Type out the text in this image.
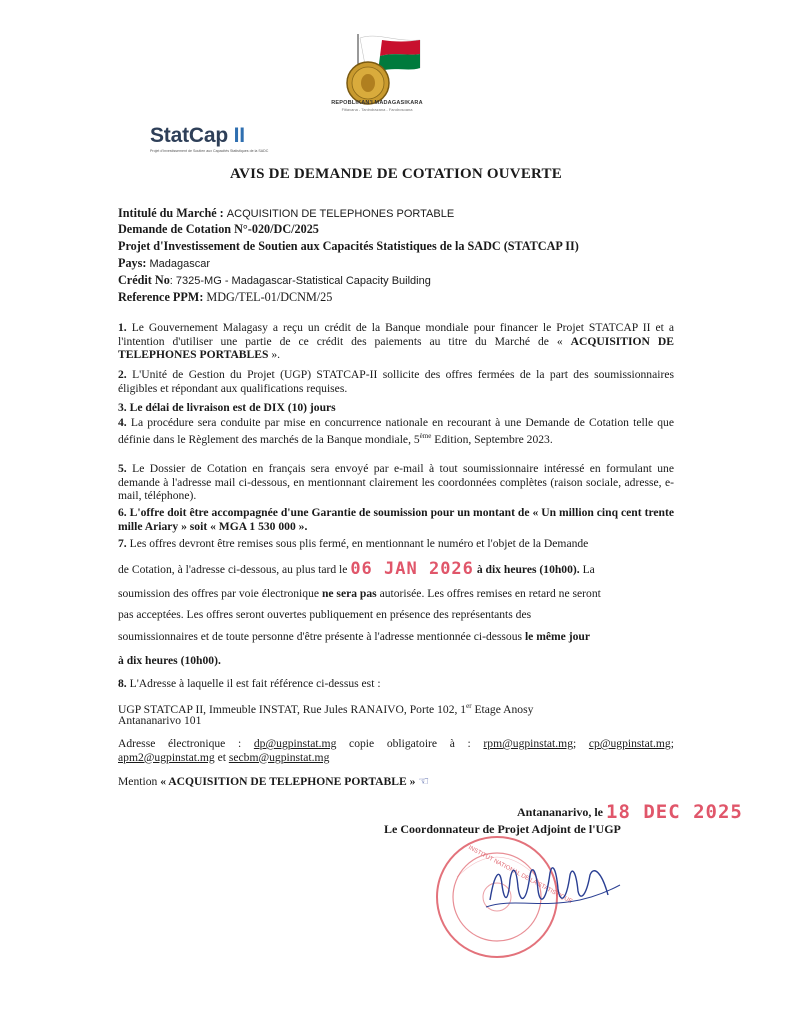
REPOBLIKAN'I MADAGASIKARA
Fitiavana - Tanindrazana - Fandrosoana
StatCap II
Projet d'Investissement de Soutien aux Capacités Statistiques de la SADC
AVIS DE DEMANDE DE COTATION OUVERTE
Intitulé du Marché : ACQUISITION DE TELEPHONES PORTABLE
Demande de Cotation N°-020/DC/2025
Projet d'Investissement de Soutien aux Capacités Statistiques de la SADC (STATCAP II)
Pays: Madagascar
Crédit No: 7325-MG - Madagascar-Statistical Capacity Building
Reference PPM: MDG/TEL-01/DCNM/25
1. Le Gouvernement Malagasy a reçu un crédit de la Banque mondiale pour financer le Projet STATCAP II et a l'intention d'utiliser une partie de ce crédit des paiements au titre du Marché de « ACQUISITION DE TELEPHONES PORTABLES ».
2. L'Unité de Gestion du Projet (UGP) STATCAP-II sollicite des offres fermées de la part des soumissionnaires éligibles et répondant aux qualifications requises.
3. Le délai de livraison est de DIX (10) jours
4. La procédure sera conduite par mise en concurrence nationale en recourant à une Demande de Cotation telle que définie dans le Règlement des marchés de la Banque mondiale, 5ème Edition, Septembre 2023.
5. Le Dossier de Cotation en français sera envoyé par e-mail à tout soumissionnaire intéressé en formulant une demande à l'adresse mail ci-dessous, en mentionnant clairement les coordonnées complètes (raison sociale, adresse, e-mail, téléphone).
6. L'offre doit être accompagnée d'une Garantie de soumission pour un montant de « Un million cinq cent trente mille Ariary » soit « MGA 1 530 000 ».
7. Les offres devront être remises sous plis fermé, en mentionnant le numéro et l'objet de la Demande
de Cotation, à l'adresse ci-dessous, au plus tard le 06 JAN 2026 à dix heures (10h00). La
soumission des offres par voie électronique ne sera pas autorisée. Les offres remises en retard ne seront
pas acceptées. Les offres seront ouvertes publiquement en présence des représentants des
soumissionnaires et de toute personne d'être présente à l'adresse mentionnée ci-dessous le même jour
à dix heures (10h00).
8. L'Adresse à laquelle il est fait référence ci-dessus est :
UGP STATCAP II, Immeuble INSTAT, Rue Jules RANAIVO, Porte 102, 1er Etage Anosy
Antananarivo 101
Adresse électronique : dp@ugpinstat.mg copie obligatoire à : rpm@ugpinstat.mg; cp@ugpinstat.mg; apm2@ugpinstat.mg et secbm@ugpinstat.mg
Mention « ACQUISITION DE TELEPHONE PORTABLE » ☜
Antananarivo, le 18 DEC 2025
Le Coordonnateur de Projet Adjoint de l'UGP
INSTITUT NATIONAL DE LA STATISTIQUE
